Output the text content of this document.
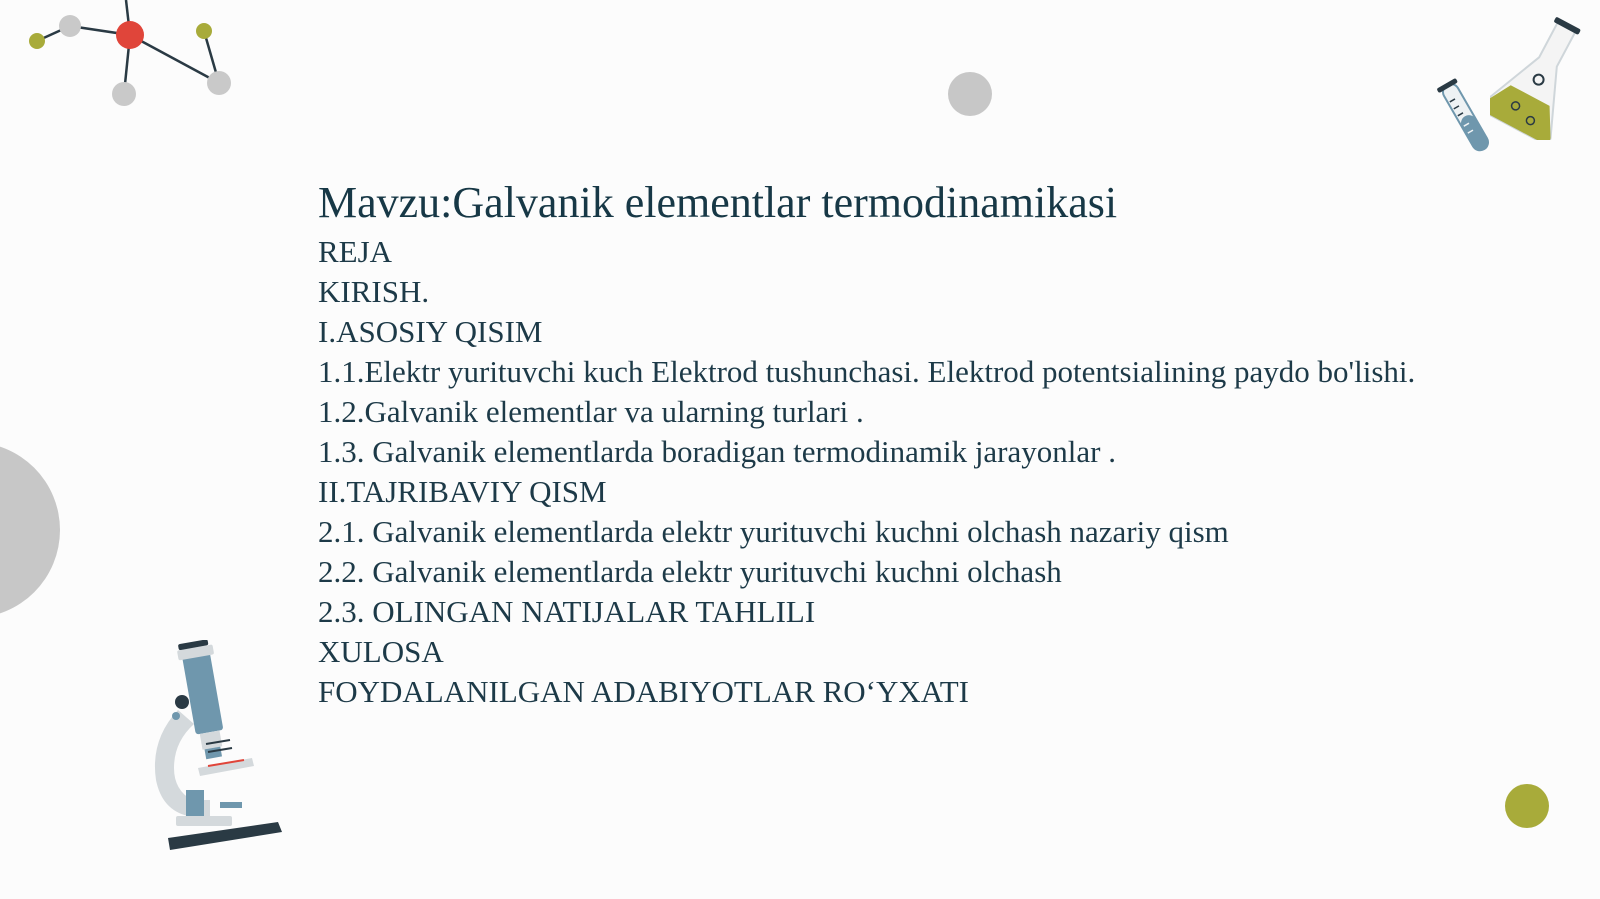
Mavzu:Galvanik elementlar termodinamikasi
REJA
KIRISH.
I.ASOSIY QISIM
1.1.Elektr yurituvchi kuch Elektrod tushunchasi. Elektrod potentsialining paydo bo'lishi.
1.2.Galvanik elementlar va ularning turlari .
1.3. Galvanik elementlarda boradigan termodinamik jarayonlar .
II.TAJRIBAVIY QISM
2.1. Galvanik elementlarda elektr yurituvchi kuchni olchash nazariy qism
2.2. Galvanik elementlarda elektr yurituvchi kuchni olchash
2.3. OLINGAN NATIJALAR TAHLILI
XULOSA
FOYDALANILGAN ADABIYOTLAR RO‘YXATI
